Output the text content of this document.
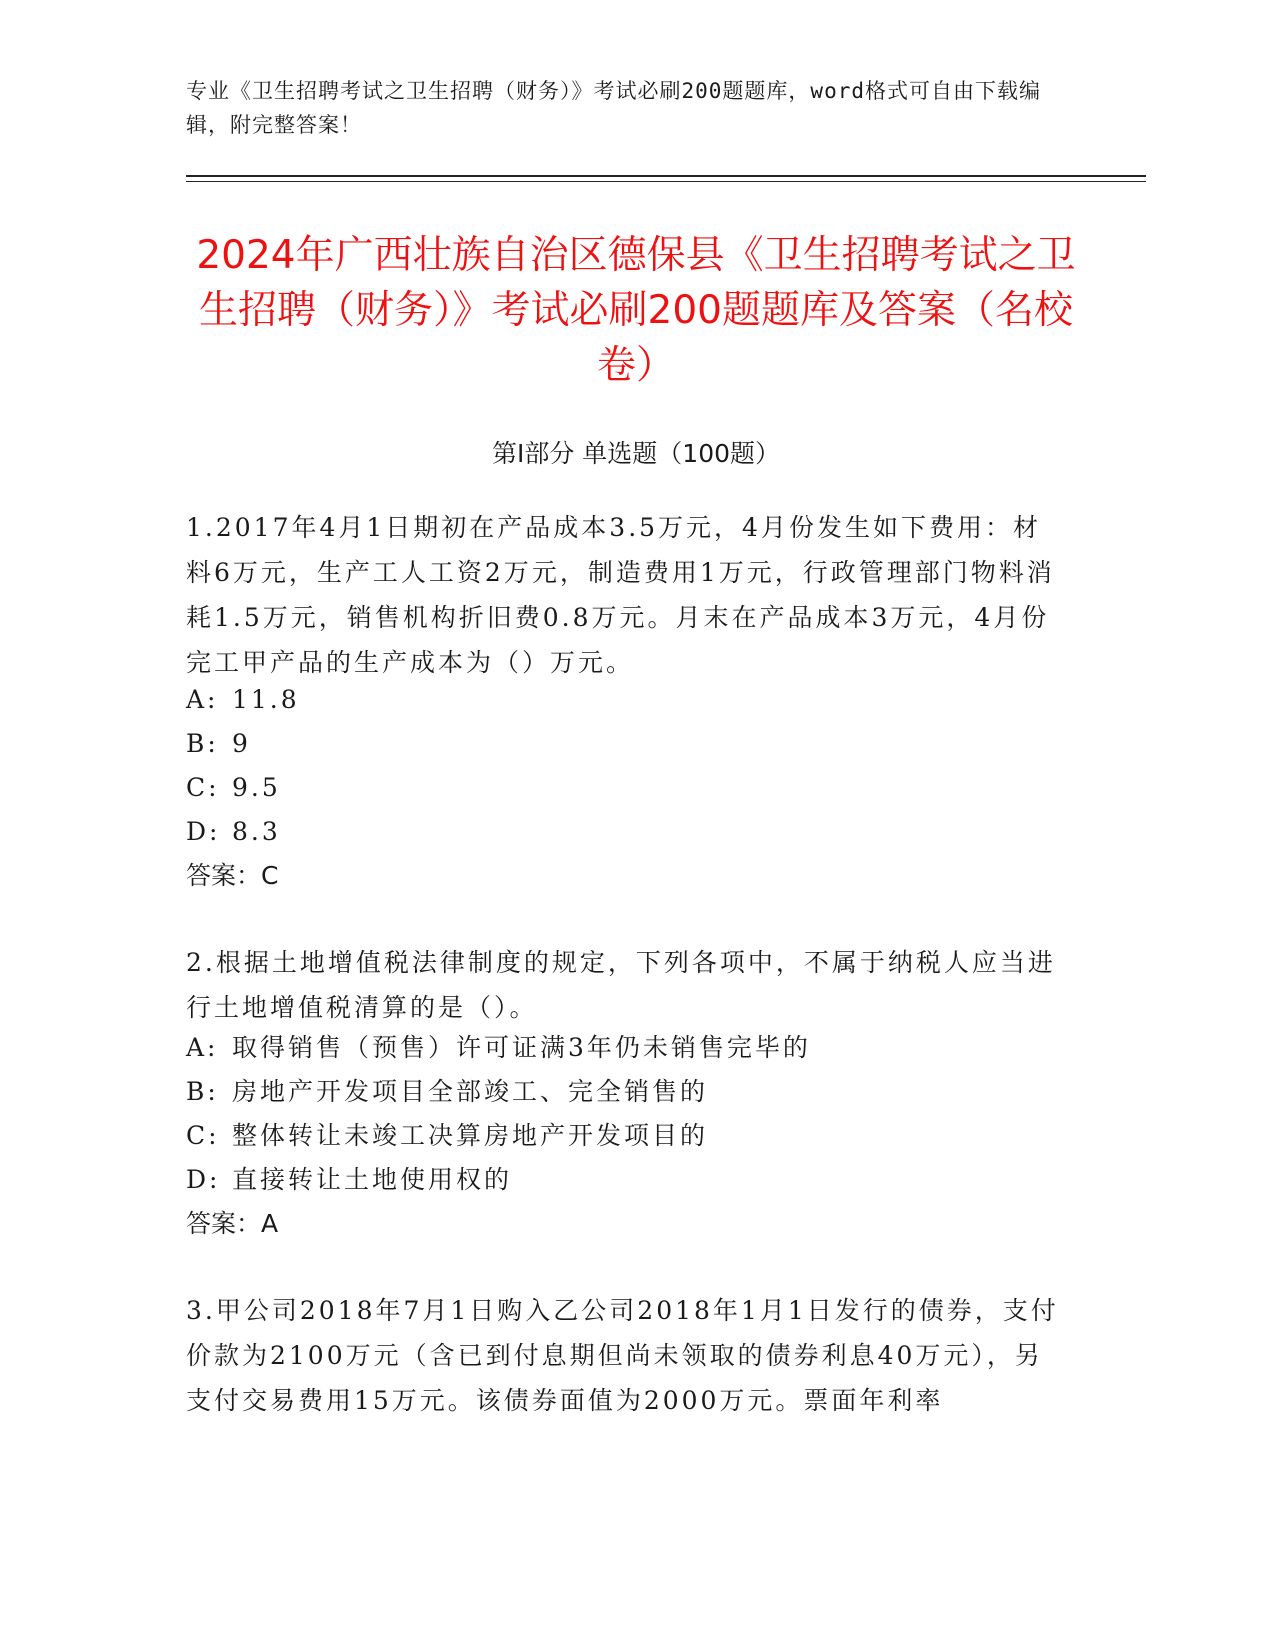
专业《卫生招聘考试之卫生招聘（财务）》考试必刷200题题库，word格式可自由下载编辑，附完整答案！
2024年广西壮族自治区德保县《卫生招聘考试之卫生招聘（财务）》考试必刷200题题库及答案（名校卷）
第I部分 单选题（100题）
1.2017年4月1日期初在产品成本3.5万元，4月份发生如下费用：材料6万元，生产工人工资2万元，制造费用1万元，行政管理部门物料消耗1.5万元，销售机构折旧费0.8万元。月末在产品成本3万元，4月份完工甲产品的生产成本为（）万元。
A: 11.8
B: 9
C: 9.5
D: 8.3
答案：C
2.根据土地增值税法律制度的规定，下列各项中，不属于纳税人应当进行土地增值税清算的是（）。
A: 取得销售（预售）许可证满3年仍未销售完毕的
B: 房地产开发项目全部竣工、完全销售的
C: 整体转让未竣工决算房地产开发项目的
D: 直接转让土地使用权的
答案：A
3.甲公司2018年7月1日购入乙公司2018年1月1日发行的债券，支付价款为2100万元（含已到付息期但尚未领取的债券利息40万元），另支付交易费用15万元。该债券面值为2000万元。票面年利率
